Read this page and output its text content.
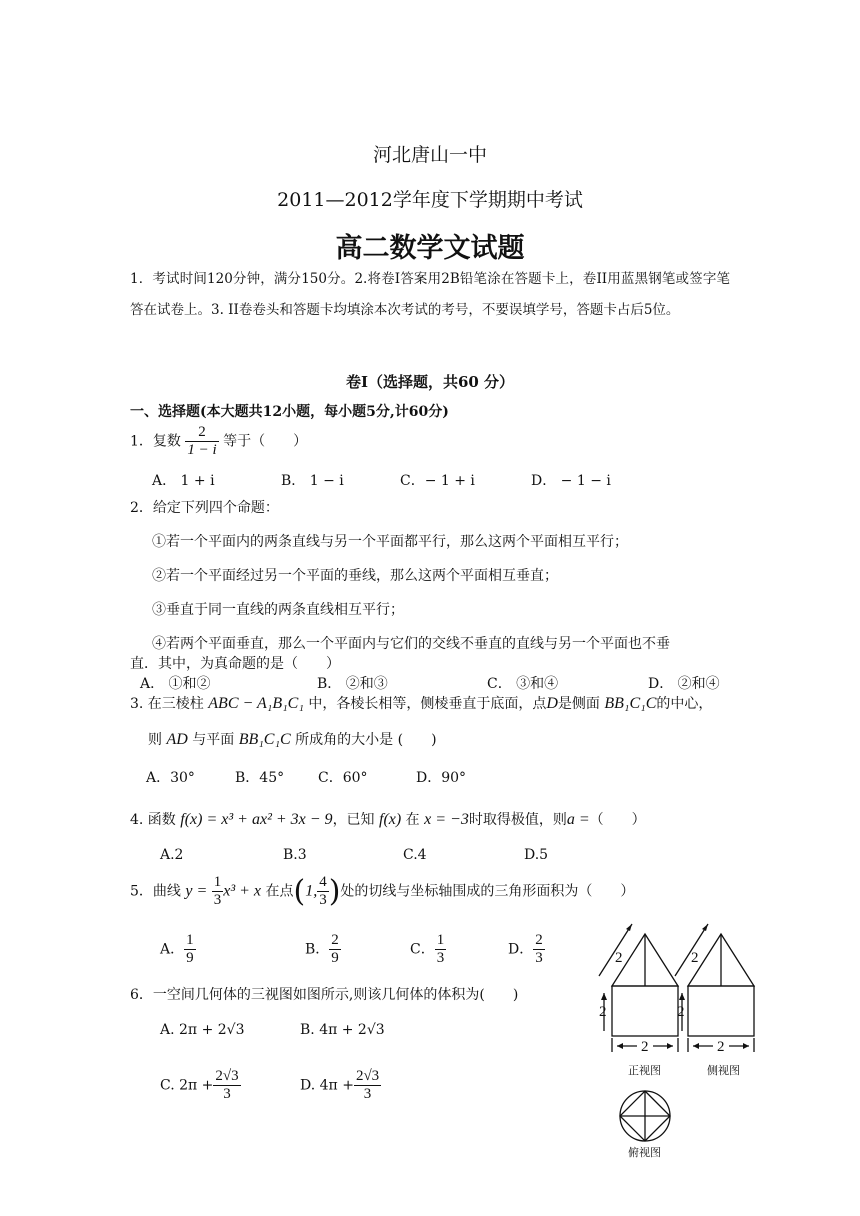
河北唐山一中
2011—2012学年度下学期期中考试
高二数学文试题
1．考试时间120分钟，满分150分。2.将卷I答案用2B铅笔涂在答题卡上，卷II用蓝黑钢笔或签字笔答在试卷上。3. II卷卷头和答题卡均填涂本次考试的考号，不要误填学号，答题卡占后5位。
卷I（选择题，共60 分）
一、选择题(本大题共12小题，每小题5分,计60分)
1．复数 $\frac{2}{1 - i}$ 等于（　　）
A． 1 + i	B． 1 − i	C．− 1 + i	D． − 1 − i
2．给定下列四个命题：
①若一个平面内的两条直线与另一个平面都平行，那么这两个平面相互平行；
②若一个平面经过另一个平面的垂线，那么这两个平面相互垂直；
③垂直于同一直线的两条直线相互平行；
④若两个平面垂直，那么一个平面内与它们的交线不垂直的直线与另一个平面也不垂
直．其中，为真命题的是（　　）
A． ①和②	B． ②和③	C． ③和④	D． ②和④
3. 在三棱柱 ABC − A₁B₁C₁ 中，各棱长相等，侧棱垂直于底面，点D是侧面 BB₁C₁C的中心，
则 AD 与平面 BB₁C₁C 所成角的大小是 (　　)
A．30°	B．45° C．60°	D．90°
4. 函数 f(x) = x³ + ax² + 3x − 9，已知 f(x) 在 x = −3时取得极值，则a =（　　）
A.2	B.3	C.4	D.5
5．曲线 $y = \frac{1}{3} x^3 + x$ 在点(1, $\frac{4}{3}$ )处的切线与坐标轴围成的三角形面积为（　　）
A． $\frac{1}{9}$	B． $\frac{2}{9}$	C． $\frac{1}{3}$	D． $\frac{2}{3}$
6．一空间几何体的三视图如图所示,则该几何体的体积为(　　)
A. 2π + 2√3	B. 4π + 2√3
C. $2\pi + \frac{2√3}{3}$	D. $4\pi + \frac{2√3}{3}$
2	2
2	2
2	2
正视图	侧视图
俯视图
